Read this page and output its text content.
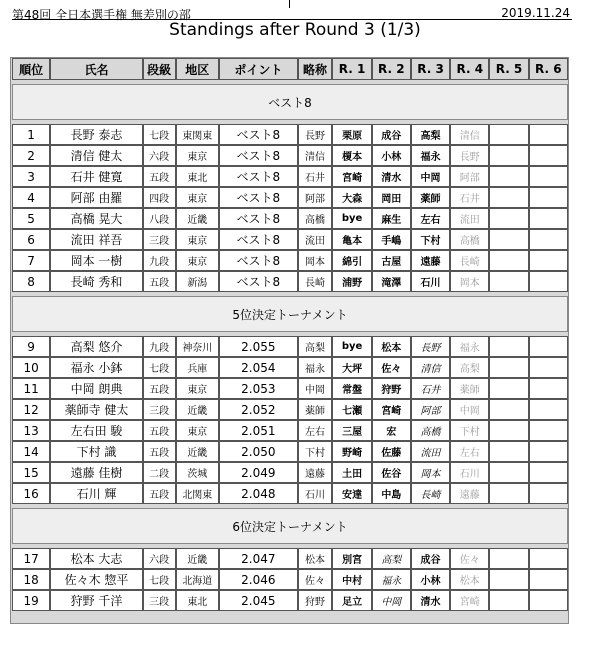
第48回 全日本選手権 無差別の部	2019.11.24
Standings after Round 3 (1/3)
順位	氏名	段級	地区	ポイント	略称	R. 1	R. 2	R. 3	R. 4	R. 5	R. 6

ベスト8											

1	長野 泰志	七段	東関東	ベスト8	長野	栗原	成谷	高梨	清信		
2	清信 健太	六段	東京	ベスト8	清信	榎本	小林	福永	長野		
3	石井 健寛	五段	東北	ベスト8	石井	宮崎	清水	中岡	阿部		
4	阿部 由羅	四段	東京	ベスト8	阿部	大森	岡田	薬師	石井		
5	高橋 晃大	八段	近畿	ベスト8	高橋	bye	麻生	左右	流田		
6	流田 祥吾	三段	東京	ベスト8	流田	亀本	手嶋	下村	高橋		
7	岡本 一樹	九段	東京	ベスト8	岡本	綿引	古屋	遠藤	長崎		
8	長崎 秀和	五段	新潟	ベスト8	長崎	浦野	滝澤	石川	岡本		

5位決定トーナメント											

9	高梨 悠介	九段	神奈川	2.055	高梨	bye	松本	長野	福永		
10	福永 小鉢	七段	兵庫	2.054	福永	大坪	佐々	清信	高梨		
11	中岡 朗典	五段	東京	2.053	中岡	常盤	狩野	石井	薬師		
12	薬師寺 健太	三段	近畿	2.052	薬師	七瀬	宮崎	阿部	中岡		
13	左右田 駿	五段	東京	2.051	左右	三屋	宏	高橋	下村		
14	下村 識	五段	近畿	2.050	下村	野崎	佐藤	流田	左右		
15	遠藤 佳樹	二段	茨城	2.049	遠藤	土田	佐谷	岡本	石川		
16	石川 輝	五段	北関東	2.048	石川	安達	中島	長崎	遠藤		

6位決定トーナメント											

17	松本 大志	六段	近畿	2.047	松本	別宮	高梨	成谷	佐々		
18	佐々木 惣平	七段	北海道	2.046	佐々	中村	福永	小林	松本		
19	狩野 千洋	三段	東北	2.045	狩野	足立	中岡	清水	宮崎		
